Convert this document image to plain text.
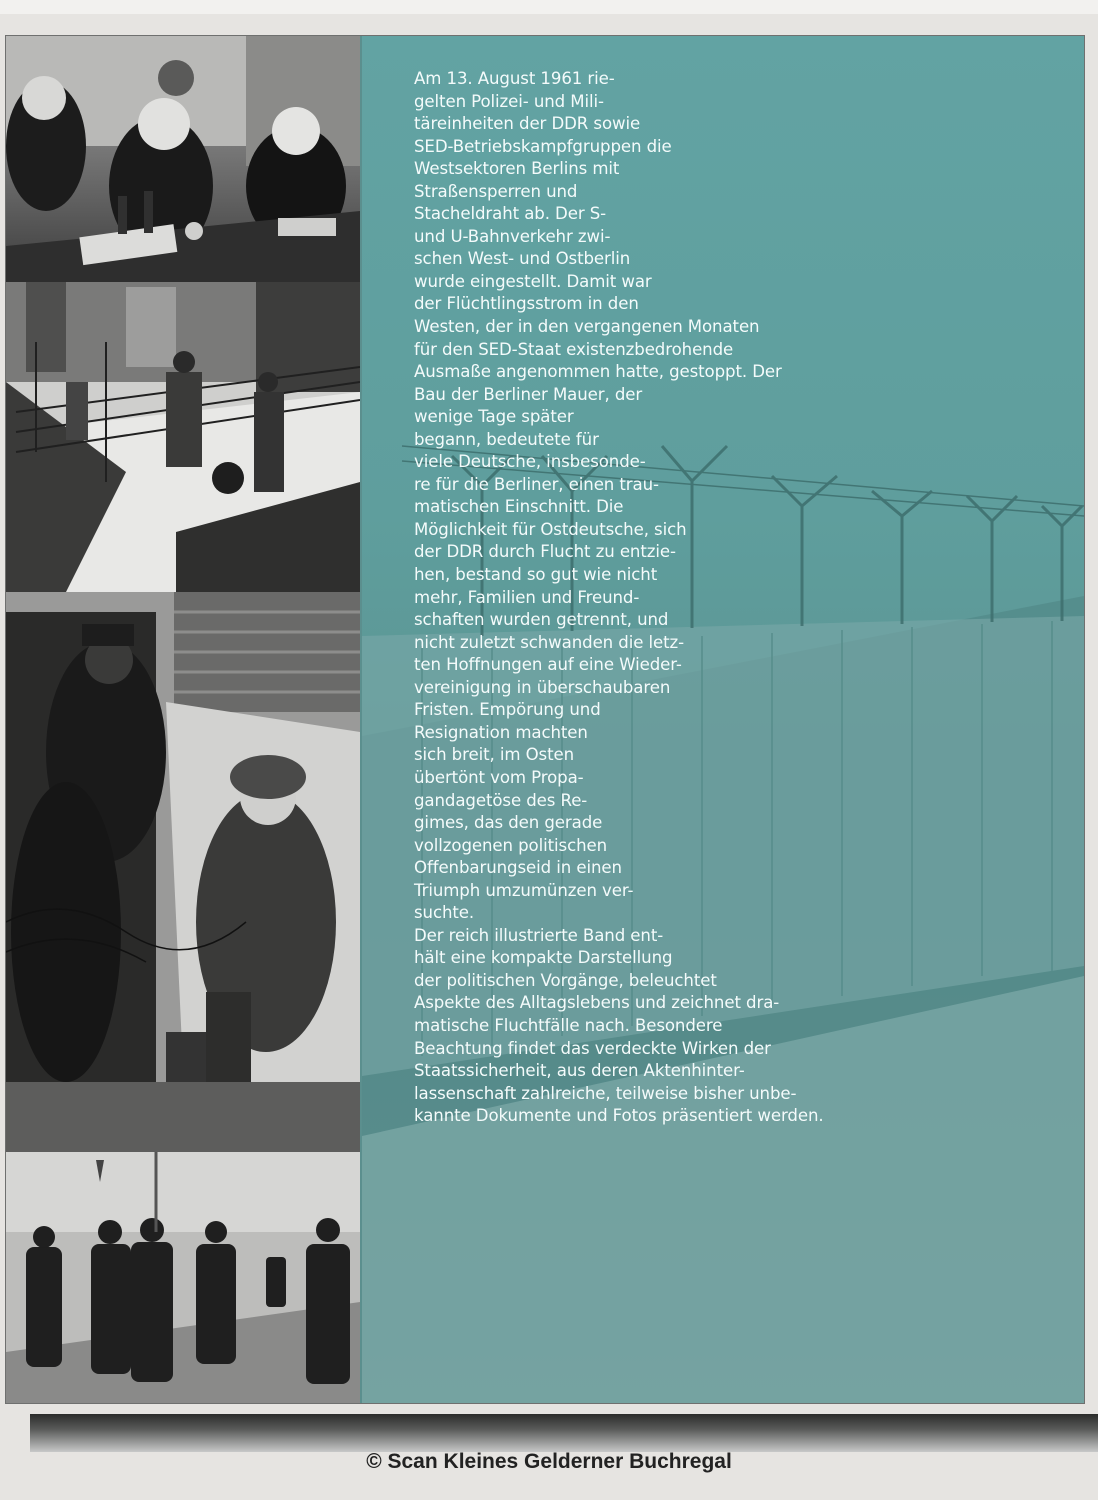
Am 13. August 1961 rie-
gelten Polizei- und Mili-
täreinheiten der DDR sowie
SED-Betriebskampfgruppen die
Westsektoren Berlins mit
Straßensperren und
Stacheldraht ab. Der S-
und U-Bahnverkehr zwi-
schen West- und Ostberlin
wurde eingestellt. Damit war
der Flüchtlingsstrom in den
Westen, der in den vergangenen Monaten
für den SED-Staat existenzbedrohende
Ausmaße angenommen hatte, gestoppt. Der
Bau der Berliner Mauer, der
wenige Tage später
begann, bedeutete für
viele Deutsche, insbesonde-
re für die Berliner, einen trau-
matischen Einschnitt. Die
Möglichkeit für Ostdeutsche, sich
der DDR durch Flucht zu entzie-
hen, bestand so gut wie nicht
mehr, Familien und Freund-
schaften wurden getrennt, und
nicht zuletzt schwanden die letz-
ten Hoffnungen auf eine Wieder-
vereinigung in überschaubaren
Fristen. Empörung und
Resignation machten
sich breit, im Osten
übertönt vom Propa-
gandagetöse des Re-
gimes, das den gerade
vollzogenen politischen
Offenbarungseid in einen
Triumph umzumünzen ver-
suchte.
Der reich illustrierte Band ent-
hält eine kompakte Darstellung
der politischen Vorgänge, beleuchtet
Aspekte des Alltagslebens und zeichnet dra-
matische Fluchtfälle nach. Besondere
Beachtung findet das verdeckte Wirken der
Staatssicherheit, aus deren Aktenhinter-
lassenschaft zahlreiche, teilweise bisher unbe-
kannte Dokumente und Fotos präsentiert werden.

© Scan Kleines Gelderner Buchregal
